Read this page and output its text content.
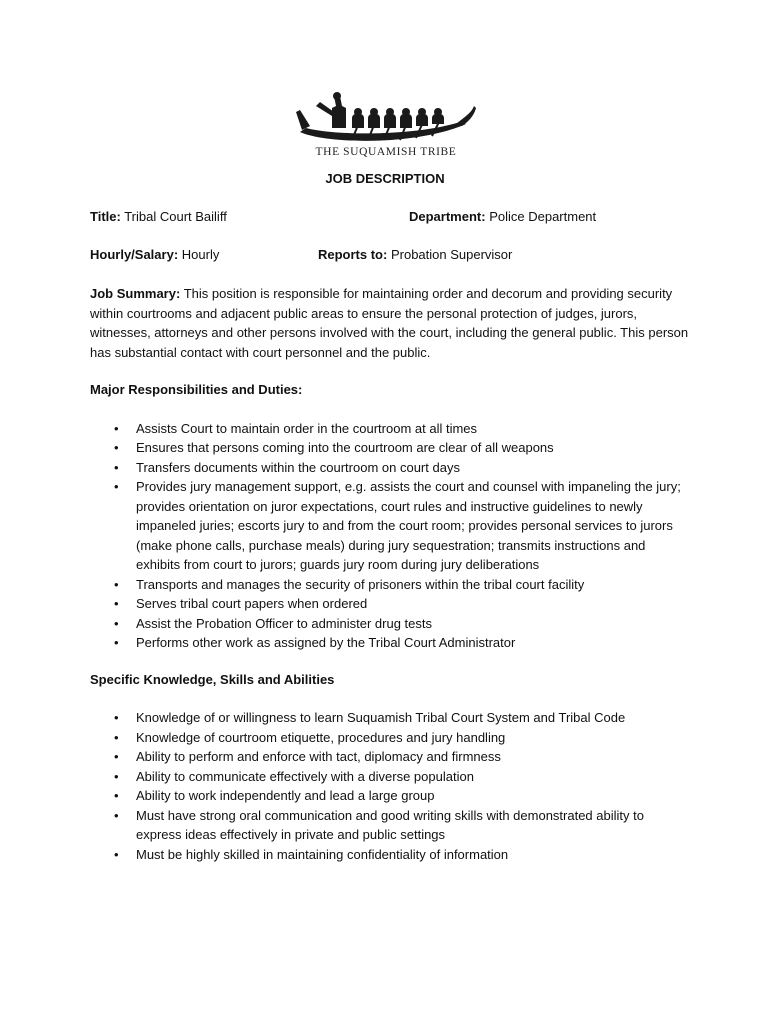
THE SUQUAMISH TRIBE
JOB DESCRIPTION
Title: Tribal Court Bailiff	Department: Police Department
Hourly/Salary: Hourly	Reports to: Probation Supervisor

Job Summary: This position is responsible for maintaining order and decorum and providing security within courtrooms and adjacent public areas to ensure the personal protection of judges, jurors, witnesses, attorneys and other persons involved with the court, including the general public. This person has substantial contact with court personnel and the public.

Major Responsibilities and Duties:
• Assists Court to maintain order in the courtroom at all times
• Ensures that persons coming into the courtroom are clear of all weapons
• Transfers documents within the courtroom on court days
• Provides jury management support, e.g. assists the court and counsel with impaneling the jury; provides orientation on juror expectations, court rules and instructive guidelines to newly impaneled juries; escorts jury to and from the court room; provides personal services to jurors (make phone calls, purchase meals) during jury sequestration; transmits instructions and exhibits from court to jurors; guards jury room during jury deliberations
• Transports and manages the security of prisoners within the tribal court facility
• Serves tribal court papers when ordered
• Assist the Probation Officer to administer drug tests
• Performs other work as assigned by the Tribal Court Administrator
Specific Knowledge, Skills and Abilities
• Knowledge of or willingness to learn Suquamish Tribal Court System and Tribal Code
• Knowledge of courtroom etiquette, procedures and jury handling
• Ability to perform and enforce with tact, diplomacy and firmness
• Ability to communicate effectively with a diverse population
• Ability to work independently and lead a large group
• Must have strong oral communication and good writing skills with demonstrated ability to express ideas effectively in private and public settings
• Must be highly skilled in maintaining confidentiality of information
